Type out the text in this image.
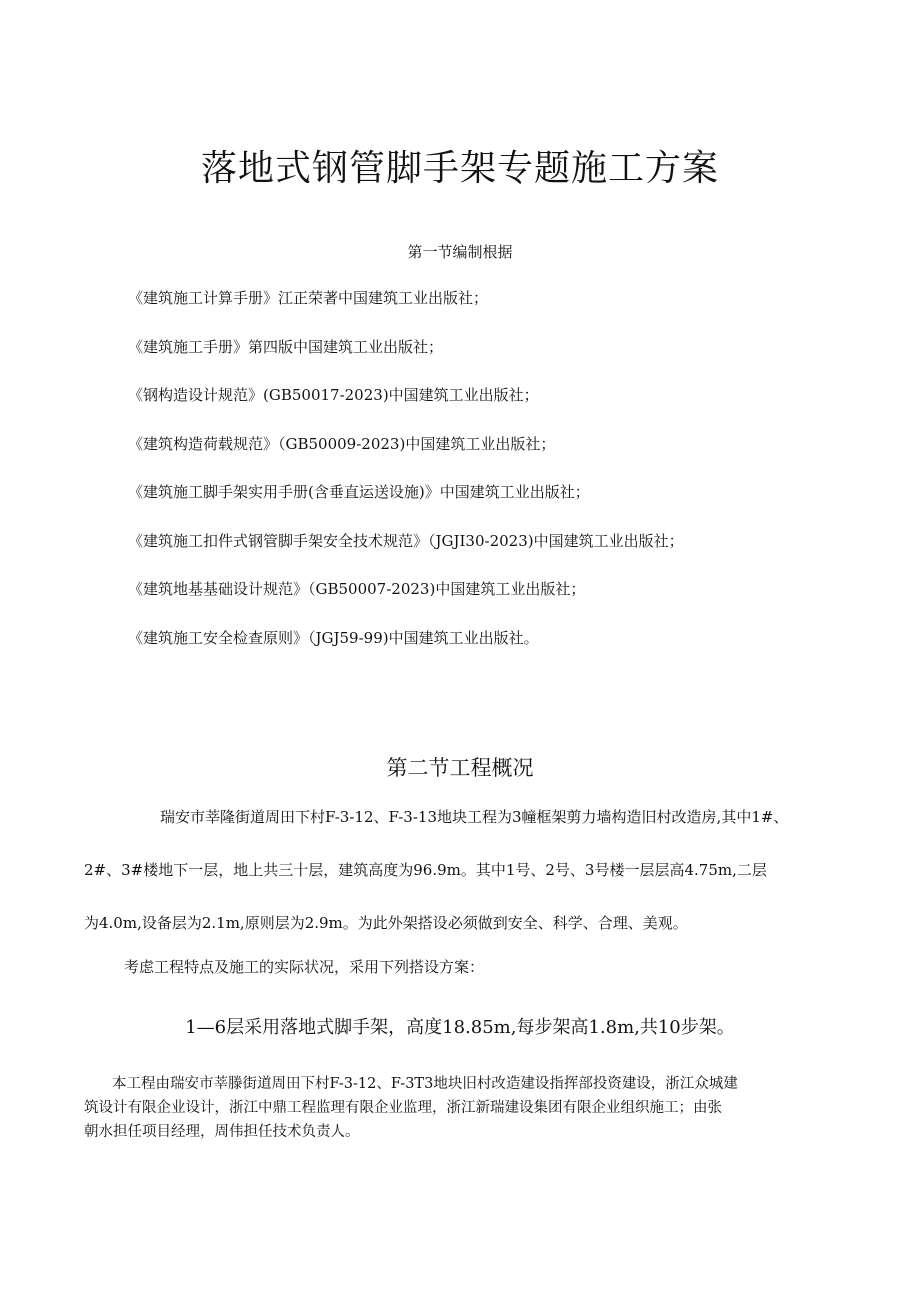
落地式钢管脚手架专题施工方案
第一节编制根据
《建筑施工计算手册》江正荣著中国建筑工业出版社；
《建筑施工手册》第四版中国建筑工业出版社；
《钢构造设计规范》(GB50017-2023)中国建筑工业出版社；
《建筑构造荷载规范》（GB50009-2023)中国建筑工业出版社；
《建筑施工脚手架实用手册(含垂直运送设施)》中国建筑工业出版社；
《建筑施工扣件式钢管脚手架安全技术规范》（JGJI30-2023)中国建筑工业出版社；
《建筑地基基础设计规范》（GB50007-2023)中国建筑工业出版社；
《建筑施工安全检查原则》（JGJ59-99)中国建筑工业出版社。
第二节工程概况
瑞安市莘隆街道周田下村F-3-12、F-3-13地块工程为3幢框架剪力墙构造旧村改造房,其中1#、
2#、3#楼地下一层，地上共三十层，建筑高度为96.9m。其中1号、2号、3号楼一层层高4.75m,二层
为4.0m,设备层为2.1m,原则层为2.9m。为此外架搭设必须做到安全、科学、合理、美观。
考虑工程特点及施工的实际状况，采用下列搭设方案：
1—6层采用落地式脚手架，高度18.85m,每步架高1.8m,共10步架。
本工程由瑞安市莘滕街道周田下村F-3-12、F-3T3地块旧村改造建设指挥部投资建设，浙江众城建
筑设计有限企业设计，浙江中鼎工程监理有限企业监理，浙江新瑞建设集团有限企业组织施工；由张
朝水担任项目经理，周伟担任技术负责人。
